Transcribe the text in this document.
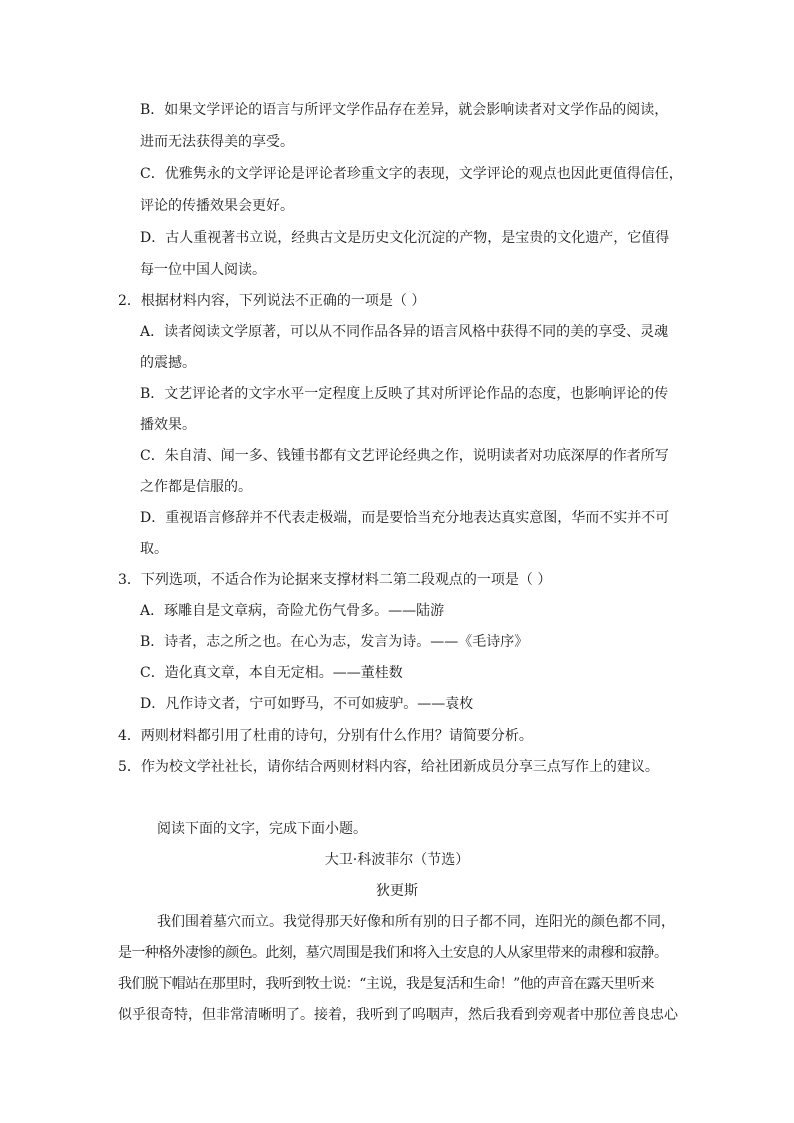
B．如果文学评论的语言与所评文学作品存在差异，就会影响读者对文学作品的阅读，
进而无法获得美的享受。
C．优雅隽永的文学评论是评论者珍重文字的表现，文学评论的观点也因此更值得信任，
评论的传播效果会更好。
D．古人重视著书立说，经典古文是历史文化沉淀的产物，是宝贵的文化遗产，它值得
每一位中国人阅读。
2．根据材料内容，下列说法不正确的一项是（ ）
A．读者阅读文学原著，可以从不同作品各异的语言风格中获得不同的美的享受、灵魂
的震撼。
B．文艺评论者的文字水平一定程度上反映了其对所评论作品的态度，也影响评论的传
播效果。
C．朱自清、闻一多、钱锺书都有文艺评论经典之作，说明读者对功底深厚的作者所写
之作都是信服的。
D．重视语言修辞并不代表走极端，而是要恰当充分地表达真实意图，华而不实并不可
取。
3．下列选项，不适合作为论据来支撑材料二第二段观点的一项是（ ）
A．琢雕自是文章病，奇险尤伤气骨多。——陆游
B．诗者，志之所之也。在心为志，发言为诗。——《毛诗序》
C．造化真文章，本自无定相。——董桂数
D．凡作诗文者，宁可如野马，不可如疲驴。——袁枚
4．两则材料都引用了杜甫的诗句，分别有什么作用？请简要分析。
5．作为校文学社社长，请你结合两则材料内容，给社团新成员分享三点写作上的建议。
阅读下面的文字，完成下面小题。
大卫·科波菲尔（节选）
狄更斯
我们围着墓穴而立。我觉得那天好像和所有别的日子都不同，连阳光的颜色都不同，
是一种格外凄惨的颜色。此刻，墓穴周围是我们和将入土安息的人从家里带来的肃穆和寂静。
我们脱下帽站在那里时，我听到牧士说：“主说，我是复活和生命！”他的声音在露天里听来
似乎很奇特，但非常清晰明了。接着，我听到了呜咽声，然后我看到旁观者中那位善良忠心
